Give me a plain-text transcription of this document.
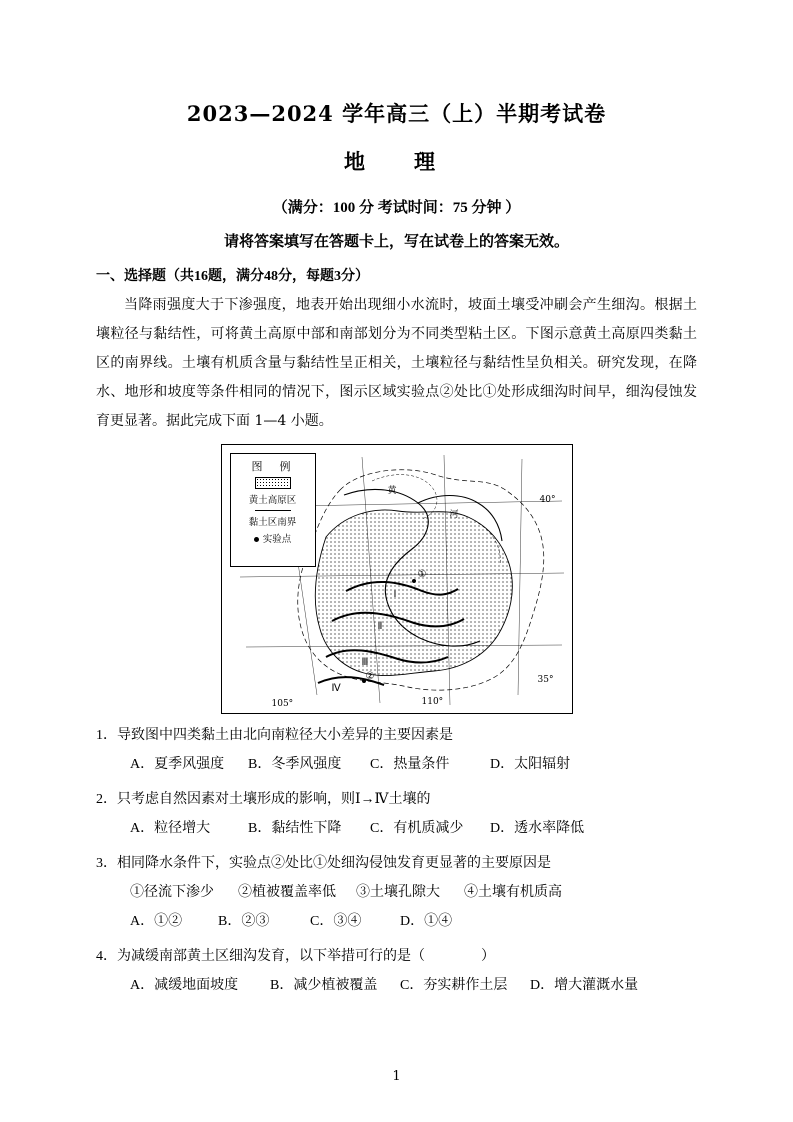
2023—2024 学年高三（上）半期考试卷
地　理
（满分：100 分 考试时间：75 分钟 ）
请将答案填写在答题卡上，写在试卷上的答案无效。
一、选择题（共16题，满分48分，每题3分）
当降雨强度大于下渗强度，地表开始出现细小水流时，坡面土壤受冲刷会产生细沟。根据土壤粒径与黏结性，可将黄土高原中部和南部划分为不同类型粘土区。下图示意黄土高原四类黏土区的南界线。土壤有机质含量与黏结性呈正相关，土壤粒径与黏结性呈负相关。研究发现，在降水、地形和坡度等条件相同的情况下，图示区域实验点②处比①处形成细沟时间早，细沟侵蚀发育更显著。据此完成下面 1—4 小题。
图　例
黄土高原区
黏土区南界
实验点
黄
河
40°
35°
105°	110°
Ⅰ
Ⅱ
Ⅲ
Ⅳ
①
②
1．导致图中四类黏土由北向南粒径大小差异的主要因素是
A．夏季风强度 B．冬季风强度 C．热量条件	D．太阳辐射
2．只考虑自然因素对土壤形成的影响，则Ⅰ→Ⅳ土壤的
A．粒径增大	B．黏结性下降 C．有机质减少 D．透水率降低
3．相同降水条件下，实验点②处比①处细沟侵蚀发育更显著的主要原因是
①径流下渗少 ②植被覆盖率低 ③土壤孔隙大 ④土壤有机质高
A．①②	B．②③	C．③④	D．①④
4．为减缓南部黄土区细沟发育，以下举措可行的是（　　　　）
A．减缓地面坡度 B．减少植被覆盖 C．夯实耕作土层 D．增大灌溉水量
1
